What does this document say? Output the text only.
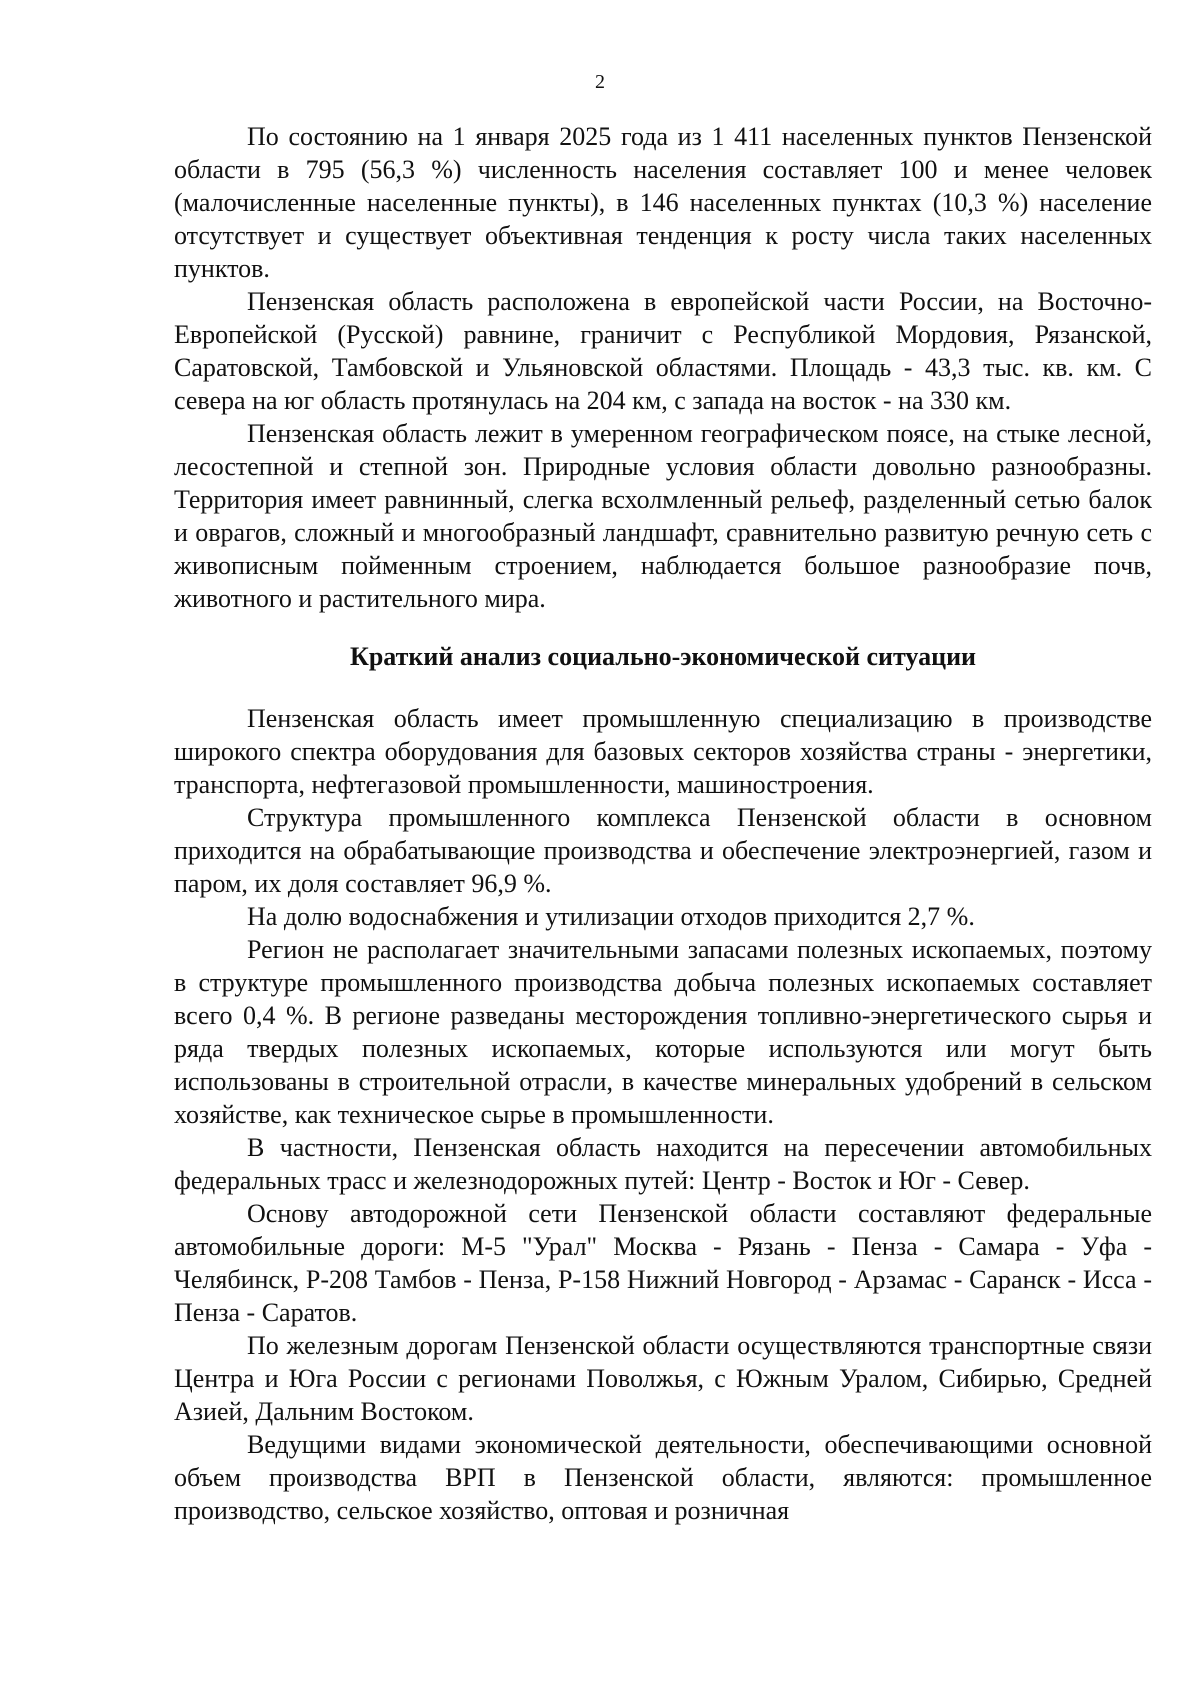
2

По состоянию на 1 января 2025 года из 1 411 населенных пунктов Пензенской области в 795 (56,3 %) численность населения составляет 100 и менее человек (малочисленные населенные пункты), в 146 населенных пунктах (10,3 %) население отсутствует и существует объективная тенденция к росту числа таких населенных пунктов.

Пензенская область расположена в европейской части России, на Восточно-Европейской (Русской) равнине, граничит с Республикой Мордовия, Рязанской, Саратовской, Тамбовской и Ульяновской областями. Площадь - 43,3 тыс. кв. км. С севера на юг область протянулась на 204 км, с запада на восток - на 330 км.

Пензенская область лежит в умеренном географическом поясе, на стыке лесной, лесостепной и степной зон. Природные условия области довольно разнообразны. Территория имеет равнинный, слегка всхолмленный рельеф, разделенный сетью балок и оврагов, сложный и многообразный ландшафт, сравнительно развитую речную сеть с живописным пойменным строением, наблюдается большое разнообразие почв, животного и растительного мира.

Краткий анализ социально-экономической ситуации

Пензенская область имеет промышленную специализацию в производстве широкого спектра оборудования для базовых секторов хозяйства страны - энергетики, транспорта, нефтегазовой промышленности, машиностроения.

Структура промышленного комплекса Пензенской области в основном приходится на обрабатывающие производства и обеспечение электроэнергией, газом и паром, их доля составляет 96,9 %.

На долю водоснабжения и утилизации отходов приходится 2,7 %.

Регион не располагает значительными запасами полезных ископаемых, поэтому в структуре промышленного производства добыча полезных ископаемых составляет всего 0,4 %. В регионе разведаны месторождения топливно-энергетического сырья и ряда твердых полезных ископаемых, которые используются или могут быть использованы в строительной отрасли, в качестве минеральных удобрений в сельском хозяйстве, как техническое сырье в промышленности.

В частности, Пензенская область находится на пересечении автомобильных федеральных трасс и железнодорожных путей: Центр - Восток и Юг - Север.

Основу автодорожной сети Пензенской области составляют федеральные автомобильные дороги: М-5 "Урал" Москва - Рязань - Пенза - Самара - Уфа - Челябинск, Р-208 Тамбов - Пенза, Р-158 Нижний Новгород - Арзамас - Саранск - Исса - Пенза - Саратов.

По железным дорогам Пензенской области осуществляются транспортные связи Центра и Юга России с регионами Поволжья, с Южным Уралом, Сибирью, Средней Азией, Дальним Востоком.

Ведущими видами экономической деятельности, обеспечивающими основной объем производства ВРП в Пензенской области, являются: промышленное производство, сельское хозяйство, оптовая и розничная
